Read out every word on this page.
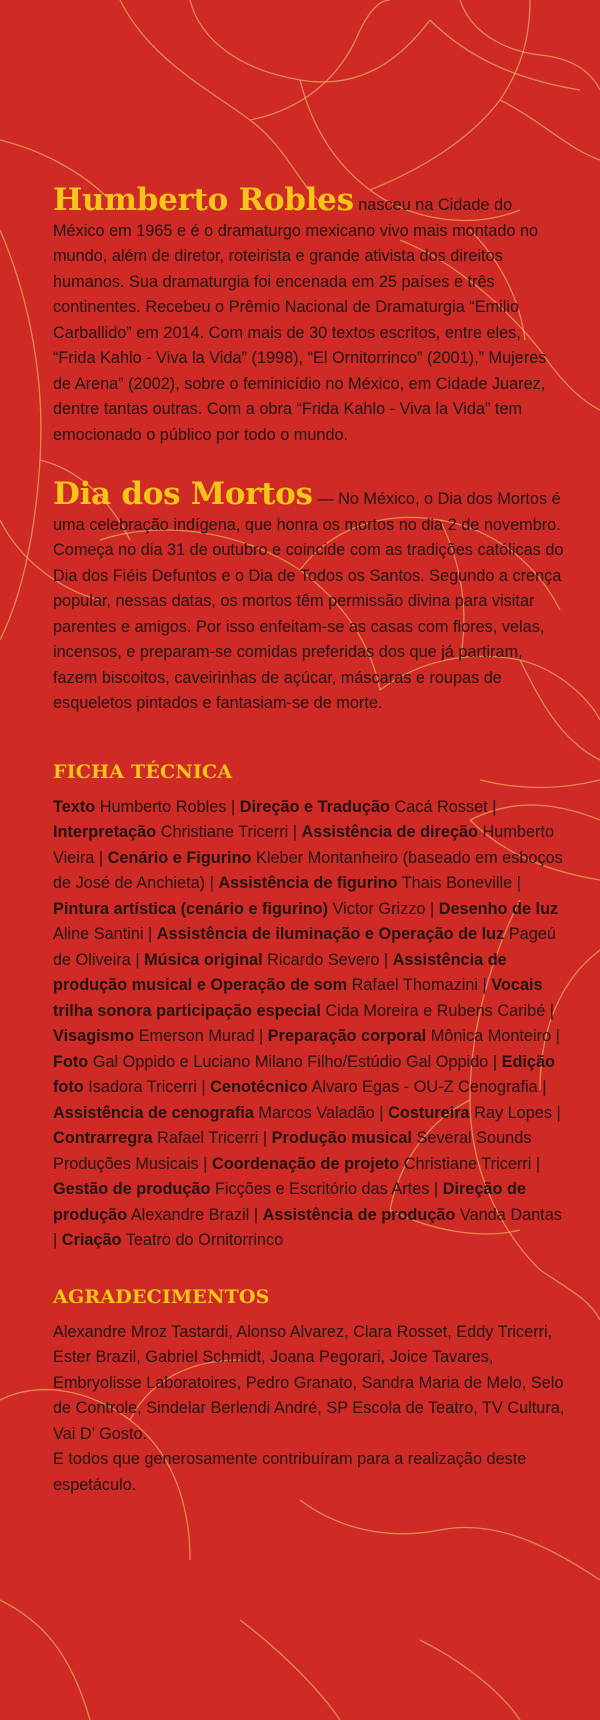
Humberto Robles nasceu na Cidade do México em 1965 e é o dramaturgo mexicano vivo mais montado no mundo, além de diretor, roteirista e grande ativista dos direitos humanos. Sua dramaturgia foi encenada em 25 países e três continentes. Recebeu o Prêmio Nacional de Dramaturgia “Emilio Carballido” em 2014. Com mais de 30 textos escritos, entre eles, “Frida Kahlo - Viva la Vida” (1998), “El Ornitorrinco” (2001),” Mujeres de Arena” (2002), sobre o feminicídio no México, em Cidade Juarez, dentre tantas outras. Com a obra “Frida Kahlo - Viva la Vida” tem emocionado o público por todo o mundo.

Dia dos Mortos — No México, o Dia dos Mortos é uma celebração indígena, que honra os mortos no dia 2 de novembro. Começa no dia 31 de outubro e coincide com as tradições católicas do Dia dos Fiéis Defuntos e o Dia de Todos os Santos. Segundo a crença popular, nessas datas, os mortos têm permissão divina para visitar parentes e amigos. Por isso enfeitam-se as casas com flores, velas, incensos, e preparam-se comidas preferidas dos que já partiram, fazem biscoitos, caveirinhas de açúcar, máscaras e roupas de esqueletos pintados e fantasiam-se de morte.

FICHA TÉCNICA

Texto Humberto Robles | Direção e Tradução Cacá Rosset | Interpretação Christiane Tricerri | Assistência de direção Humberto Vieira | Cenário e Figurino Kleber Montanheiro (baseado em esboços de José de Anchieta) | Assistência de figurino Thais Boneville | Pintura artística (cenário e figurino) Victor Grizzo | Desenho de luz Aline Santini | Assistência de iluminação e Operação de luz Pageú de Oliveira | Música original Ricardo Severo | Assistência de produção musical e Operação de som Rafael Thomazini | Vocais trilha sonora participação especial Cida Moreira e Rubens Caribé | Visagismo Emerson Murad | Preparação corporal Mônica Monteiro | Foto Gal Oppido e Luciano Milano Filho/Estúdio Gal Oppido | Edição foto Isadora Tricerri | Cenotécnico Alvaro Egas - OU-Z Cenografia | Assistência de cenografia Marcos Valadão | Costureira Ray Lopes | Contrarregra Rafael Tricerri | Produção musical Several Sounds Produções Musicais | Coordenação de projeto Christiane Tricerri | Gestão de produção Ficções e Escritório das Artes | Direção de produção Alexandre Brazil | Assistência de produção Vanda Dantas | Criação Teatro do Ornitorrinco

AGRADECIMENTOS

Alexandre Mroz Tastardi, Alonso Alvarez, Clara Rosset, Eddy Tricerri, Ester Brazil, Gabriel Schmidt, Joana Pegorari, Joice Tavares, Embryolisse Laboratoires, Pedro Granato, Sandra Maria de Melo, Selo de Controle, Sindelar Berlendi André, SP Escola de Teatro, TV Cultura, Vai D’ Gosto.

E todos que generosamente contribuíram para a realização deste espetáculo.
